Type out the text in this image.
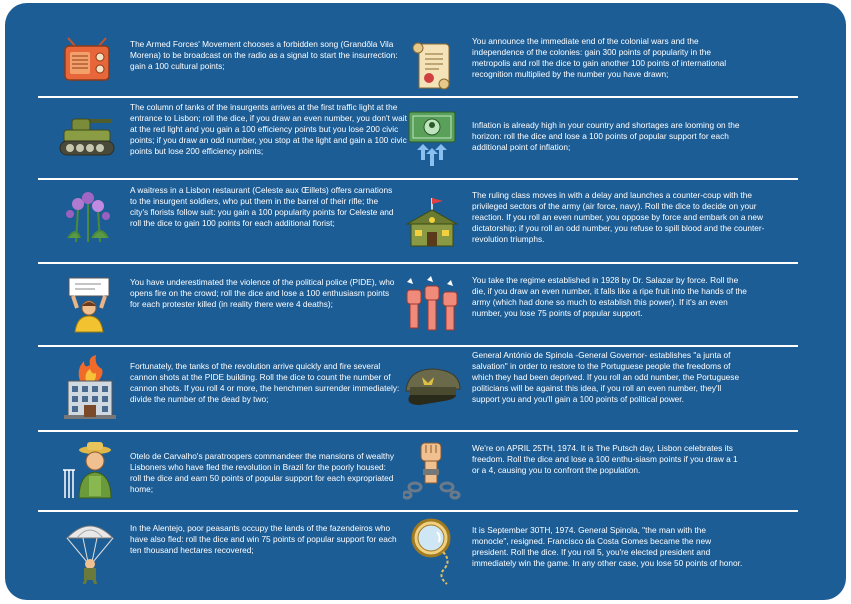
The Armed Forces' Movement chooses a forbidden song (Grandôla Vila Morena) to be broadcast on the radio as a signal to start the insurrection: gain a 100 cultural points;

The column of tanks of the insurgents arrives at the first traffic light at the entrance to Lisbon; roll the dice, if you draw an even number, you don't wait at the red light and you gain a 100 efficiency points but you lose 200 civic points; if you draw an odd number, you stop at the light and gain a 100 civic points but lose 200 efficiency points;

A waitress in a Lisbon restaurant (Celeste aux Œillets) offers carnations to the insurgent soldiers, who put them in the barrel of their rifle; the city's florists follow suit: you gain a 100 popularity points for Celeste and roll the dice to gain 100 points for each additional florist;

You have underestimated the violence of the political police (PIDE), who opens fire on the crowd; roll the dice and lose a 100 enthusiasm points for each protester killed (in reality there were 4 deaths);

Fortunately, the tanks of the revolution arrive quickly and fire several cannon shots at the PIDE building. Roll the dice to count the number of cannon shots. If you roll 4 or more, the henchmen surrender immediately: divide the number of the dead by two;

Otelo de Carvalho's paratroopers commandeer the mansions of wealthy Lisboners who have fled the revolution in Brazil for the poorly housed: roll the dice and earn 50 points of popular support for each expropriated home;

In the Alentejo, poor peasants occupy the lands of the fazendeiros who have also fled: roll the dice and win 75 points of popular support for each ten thousand hectares recovered;

You announce the immediate end of the colonial wars and the independence of the colonies: gain 300 points of popularity in the metropolis and roll the dice to gain another 100 points of international recognition multiplied by the number you have drawn;

Inflation is already high in your country and shortages are looming on the horizon: roll the dice and lose a 100 points of popular support for each additional point of inflation;

The ruling class moves in with a delay and launches a counter-coup with the privileged sectors of the army (air force, navy). Roll the dice to decide on your reaction. If you roll an even number, you oppose by force and embark on a new dictatorship; if you roll an odd number, you refuse to spill blood and the counter-revolution triumphs.

You take the regime established in 1928 by Dr. Salazar by force. Roll the die, if you draw an even number, it falls like a ripe fruit into the hands of the army (which had done so much to establish this power). If it's an even number, you lose 75 points of popular support.

General António de Spinola -General Governor- establishes "a junta of salvation" in order to restore to the Portuguese people the freedoms of which they had been deprived. If you roll an odd number, the Portuguese politicians will be against this idea, if you roll an even number, they'll support you and you'll gain a 100 points of political power.

We're on APRIL 25TH, 1974. It is The Putsch day, Lisbon celebrates its freedom. Roll the dice and lose a 100 enthu-siasm points if you draw a 1 or a 4, causing you to confront the population.

It is September 30TH, 1974. General Spinola, "the man with the monocle", resigned. Francisco da Costa Gomes became the new president. Roll the dice. If you roll 5, you're elected president and immediately win the game. In any other case, you lose 50 points of honor.
